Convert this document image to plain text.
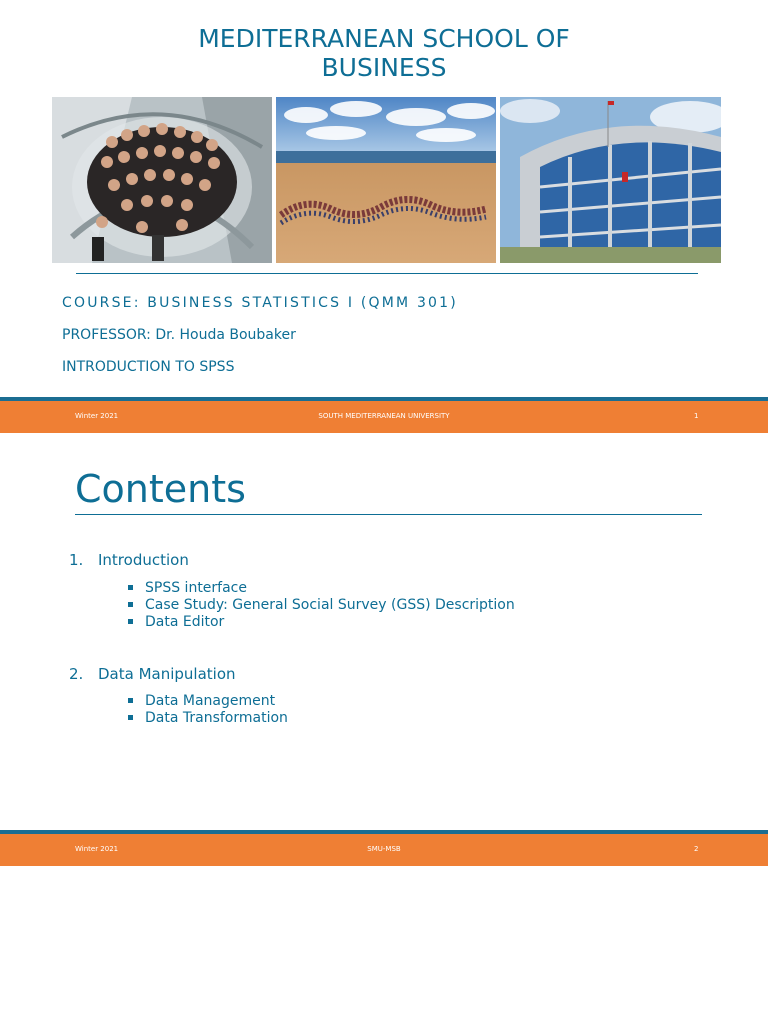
MEDITERRANEAN SCHOOL OF
BUSINESS
COURSE: BUSINESS STATISTICS I (QMM 301)
PROFESSOR: Dr. Houda Boubaker
INTRODUCTION TO SPSS
Winter 2021	SOUTH MEDITERRANEAN UNIVERSITY	1
Contents
1. Introduction
SPSS interface
Case Study: General Social Survey (GSS) Description
Data Editor
2. Data Manipulation
Data Management
Data Transformation
Winter 2021	SMU-MSB	2
